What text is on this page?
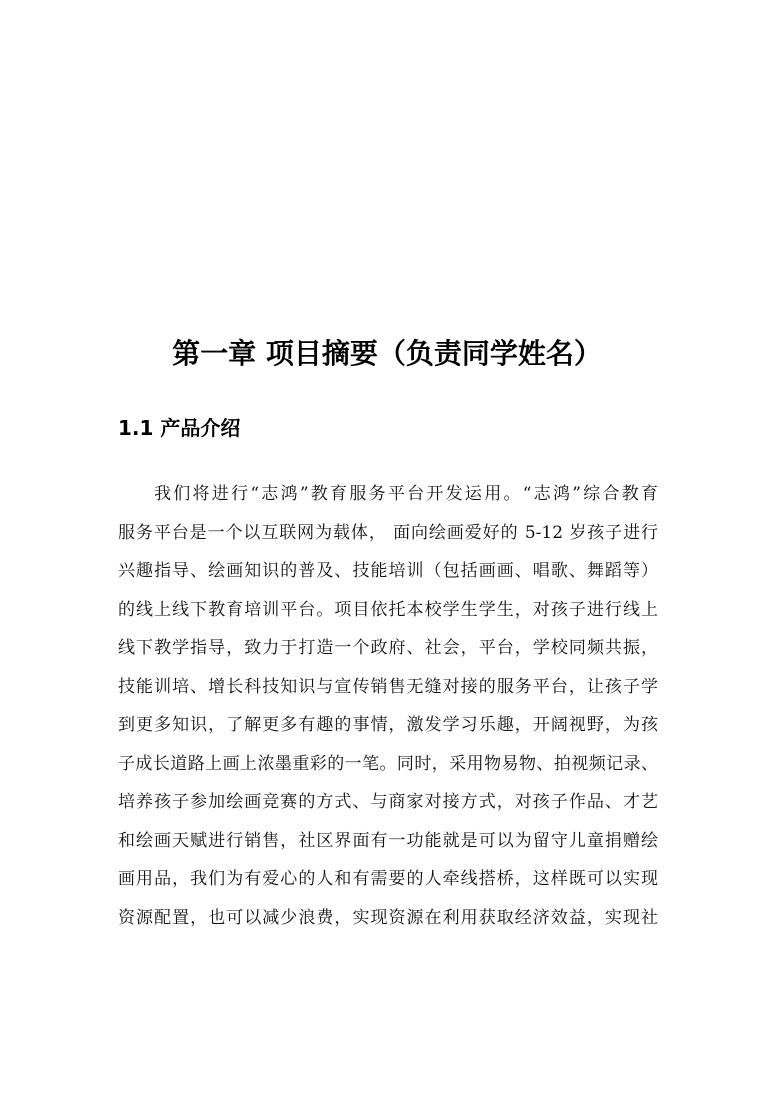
第一章 项目摘要（负责同学姓名）
1.1 产品介绍
我们将进行“志鸿”教育服务平台开发运用。“志鸿”综合教育
服务平台是一个以互联网为载体， 面向绘画爱好的 5-12 岁孩子进行
兴趣指导、绘画知识的普及、技能培训（包括画画、唱歌、舞蹈等）
的线上线下教育培训平台。项目依托本校学生学生，对孩子进行线上
线下教学指导，致力于打造一个政府、社会，平台，学校同频共振，
技能训培、增长科技知识与宣传销售无缝对接的服务平台，让孩子学
到更多知识，了解更多有趣的事情，激发学习乐趣，开阔视野，为孩
子成长道路上画上浓墨重彩的一笔。同时，采用物易物、拍视频记录、
培养孩子参加绘画竞赛的方式、与商家对接方式，对孩子作品、才艺
和绘画天赋进行销售，社区界面有一功能就是可以为留守儿童捐赠绘
画用品，我们为有爱心的人和有需要的人牵线搭桥，这样既可以实现
资源配置，也可以减少浪费，实现资源在利用获取经济效益，实现社
